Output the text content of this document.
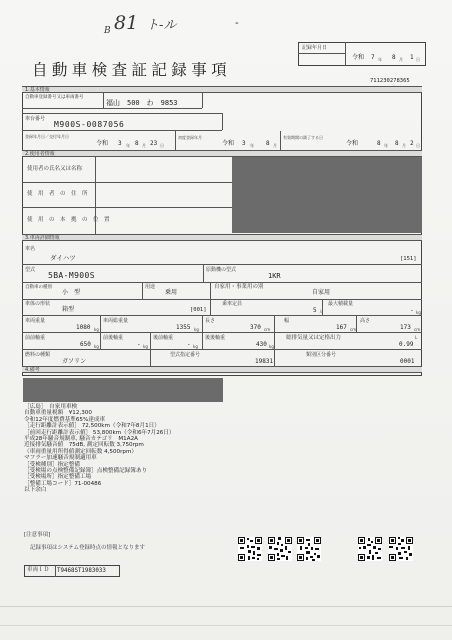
B 81 ト-ル	-
記録年月日
令和 7 年 8 月 1 日
自動車検査証記録事項
711230278365
1.基本情報
自動車登録番号又は車両番号
福山　500　わ　9853
車台番号
M900S-0087056
登録年月日／交付年月日
令和 3 年 8 月 23 日
初度登録年月
令和 3 年 8 月
有効期間の満了する日
令和	8 年 8 月 2 日
2.使用者情報
使用者の氏名又は名称
使　用　者　の　住　所
使　用　の　本　拠　の　位　置
3.車両詳細情報
車名
ダイハツ	[151]
型式
5BA-M900S
原動機の型式
1KR
自動車の種別
小　型
用途
乗用
自家用・事業用の別
自家用
車体の形状
箱型	[001]
乗車定員
5 人
最大積載量
- kg
車両重量
1080 kg
車両総重量
1355 kg
長さ
370 cm
幅
167 cm
高さ
173 cm
前前軸重
650 kg
前後軸重
- kg
後前軸重
- kg
後後軸重
430 kg
総排気量又は定格出力
0.99
L
燃料の種類
ガソリン
型式指定番号
19831
類別区分番号
0001
4.備考
［広島］　自家用車検
自動車重量税額　¥12,300
令和12年度燃費基準65%達成車
［走行距離計表示値］ 72,500km（令和7年8月1日）
［前回走行距離計表示値］ 53,800km（令和6年7月26日）
平成28年騒音規制車, 騒音カテゴリ　M1A2A
近接排気騒音値　75dB, 測定回転数 3,750rpm
（車両重量用所得値測定回転数 4,500rpm）
マフラー加速騒音規制適用車
［受検種別］指定整備
［受検場の点検整備記録簿］点検整備記録簿あり
［受検場所］指定整備工場
［整備工場コード］71-00486
以下余白
[注意事項]
記録事項はシステム登録時点の情報となります
車両ＩＤ T9468ST1983033
